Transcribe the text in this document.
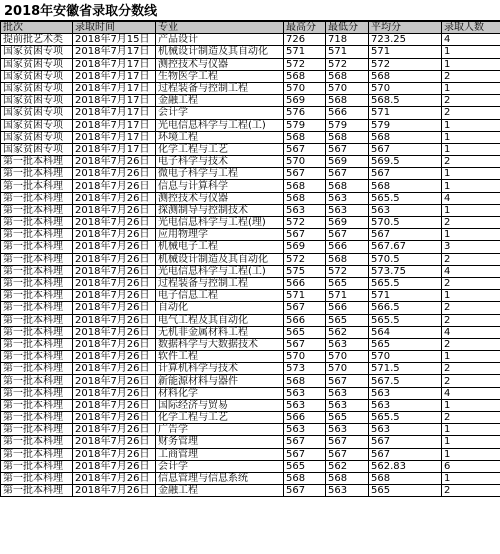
2018年安徽省录取分数线
批次	录取时间	专业	最高分	最低分	平均分	录取人数
提前批艺术类	2018年7月15日	产品设计	726	718	723.25	4
国家贫困专项	2018年7月17日	机械设计制造及其自动化	571	571	571	1
国家贫困专项	2018年7月17日	测控技术与仪器	572	572	572	1
国家贫困专项	2018年7月17日	生物医学工程	568	568	568	2
国家贫困专项	2018年7月17日	过程装备与控制工程	570	570	570	1
国家贫困专项	2018年7月17日	金融工程	569	568	568.5	2
国家贫困专项	2018年7月17日	会计学	576	566	571	2
国家贫困专项	2018年7月17日	光电信息科学与工程(工)	579	579	579	1
国家贫困专项	2018年7月17日	环境工程	568	568	568	1
国家贫困专项	2018年7月17日	化学工程与工艺	567	567	567	1
第一批本科理	2018年7月26日	电子科学与技术	570	569	569.5	2
第一批本科理	2018年7月26日	微电子科学与工程	567	567	567	1
第一批本科理	2018年7月26日	信息与计算科学	568	568	568	1
第一批本科理	2018年7月26日	测控技术与仪器	568	563	565.5	4
第一批本科理	2018年7月26日	探测制导与控制技术	563	563	563	1
第一批本科理	2018年7月26日	光电信息科学与工程(理)	572	569	570.5	2
第一批本科理	2018年7月26日	应用物理学	567	567	567	1
第一批本科理	2018年7月26日	机械电子工程	569	566	567.67	3
第一批本科理	2018年7月26日	机械设计制造及其自动化	572	568	570.5	2
第一批本科理	2018年7月26日	光电信息科学与工程(工)	575	572	573.75	4
第一批本科理	2018年7月26日	过程装备与控制工程	566	565	565.5	2
第一批本科理	2018年7月26日	电子信息工程	571	571	571	1
第一批本科理	2018年7月26日	自动化	567	566	566.5	2
第一批本科理	2018年7月26日	电气工程及其自动化	566	565	565.5	2
第一批本科理	2018年7月26日	无机非金属材料工程	565	562	564	4
第一批本科理	2018年7月26日	数据科学与大数据技术	567	563	565	2
第一批本科理	2018年7月26日	软件工程	570	570	570	1
第一批本科理	2018年7月26日	计算机科学与技术	573	570	571.5	2
第一批本科理	2018年7月26日	新能源材料与器件	568	567	567.5	2
第一批本科理	2018年7月26日	材料化学	563	563	563	4
第一批本科理	2018年7月26日	国际经济与贸易	563	563	563	1
第一批本科理	2018年7月26日	化学工程与工艺	566	565	565.5	2
第一批本科理	2018年7月26日	广告学	563	563	563	1
第一批本科理	2018年7月26日	财务管理	567	567	567	1
第一批本科理	2018年7月26日	工商管理	567	567	567	1
第一批本科理	2018年7月26日	会计学	565	562	562.83	6
第一批本科理	2018年7月26日	信息管理与信息系统	568	568	568	1
第一批本科理	2018年7月26日	金融工程	567	563	565	2
